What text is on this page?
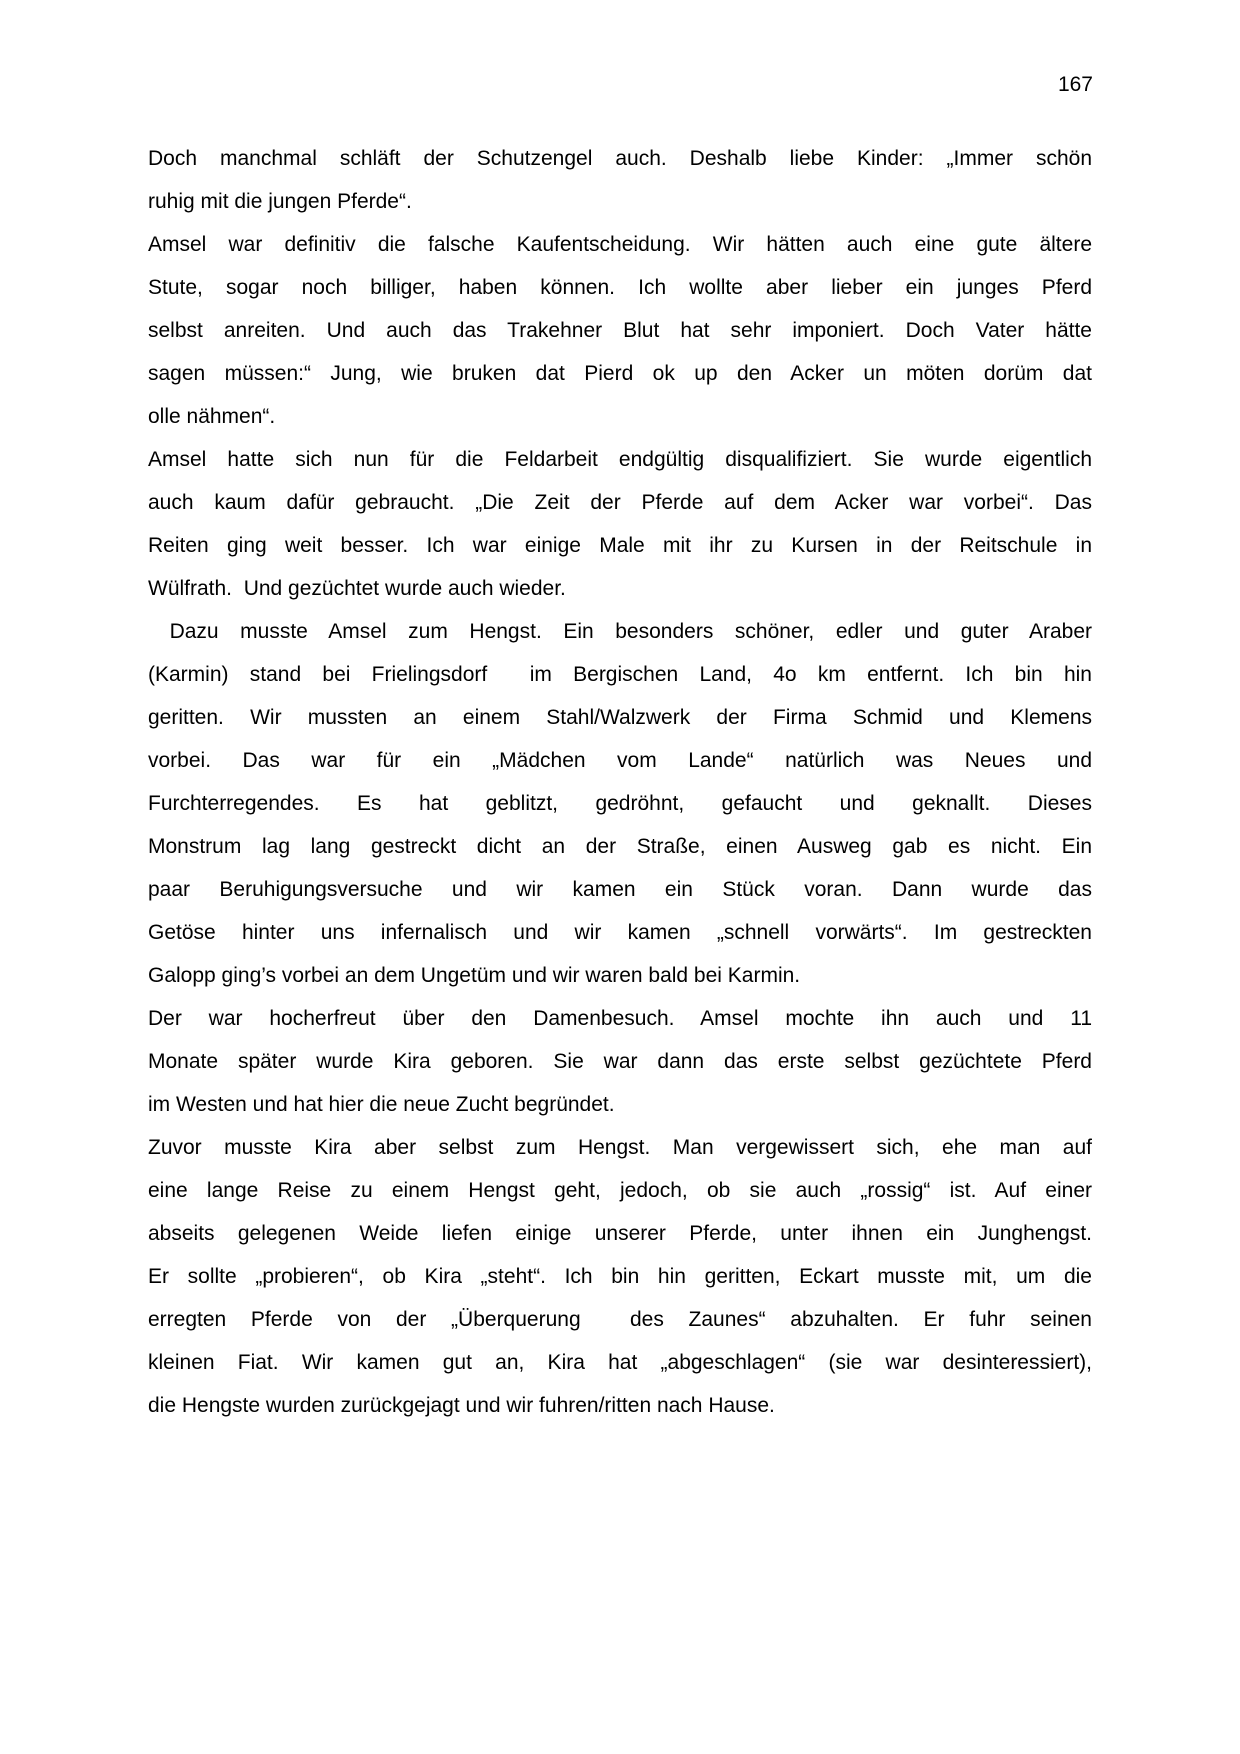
167
Doch manchmal schläft der Schutzengel auch. Deshalb liebe Kinder: „Immer schön
ruhig mit die jungen Pferde“.
Amsel war definitiv die falsche Kaufentscheidung. Wir hätten auch eine gute ältere
Stute, sogar noch billiger, haben können. Ich wollte aber lieber ein junges Pferd
selbst anreiten. Und auch das Trakehner Blut hat sehr imponiert. Doch Vater hätte
sagen müssen:“ Jung, wie bruken dat Pierd ok up den Acker un möten dorüm dat
olle nähmen“.
Amsel hatte sich nun für die Feldarbeit endgültig disqualifiziert. Sie wurde eigentlich
auch kaum dafür gebraucht. „Die Zeit der Pferde auf dem Acker war vorbei“. Das
Reiten ging weit besser. Ich war einige Male mit ihr zu Kursen in der Reitschule in
Wülfrath.  Und gezüchtet wurde auch wieder.
Dazu musste Amsel zum Hengst. Ein besonders schöner, edler und guter Araber
(Karmin) stand bei Frielingsdorf  im Bergischen Land, 4o km entfernt. Ich bin hin
geritten. Wir mussten an einem Stahl/Walzwerk der Firma Schmid und Klemens
vorbei. Das war für ein „Mädchen vom Lande“ natürlich was Neues und
Furchterregendes. Es hat geblitzt, gedröhnt, gefaucht und geknallt. Dieses
Monstrum lag lang gestreckt dicht an der Straße, einen Ausweg gab es nicht. Ein
paar Beruhigungsversuche und wir kamen ein Stück voran. Dann wurde das
Getöse hinter uns infernalisch und wir kamen „schnell vorwärts“. Im gestreckten
Galopp ging’s vorbei an dem Ungetüm und wir waren bald bei Karmin.
Der war hocherfreut über den Damenbesuch. Amsel mochte ihn auch und 11
Monate später wurde Kira geboren. Sie war dann das erste selbst gezüchtete Pferd
im Westen und hat hier die neue Zucht begründet.
Zuvor musste Kira aber selbst zum Hengst. Man vergewissert sich, ehe man auf
eine lange Reise zu einem Hengst geht, jedoch, ob sie auch „rossig“ ist. Auf einer
abseits gelegenen Weide liefen einige unserer Pferde, unter ihnen ein Junghengst.
Er sollte „probieren“, ob Kira „steht“. Ich bin hin geritten, Eckart musste mit, um die
erregten Pferde von der „Überquerung  des Zaunes“ abzuhalten. Er fuhr seinen
kleinen Fiat. Wir kamen gut an, Kira hat „abgeschlagen“ (sie war desinteressiert),
die Hengste wurden zurückgejagt und wir fuhren/ritten nach Hause.
